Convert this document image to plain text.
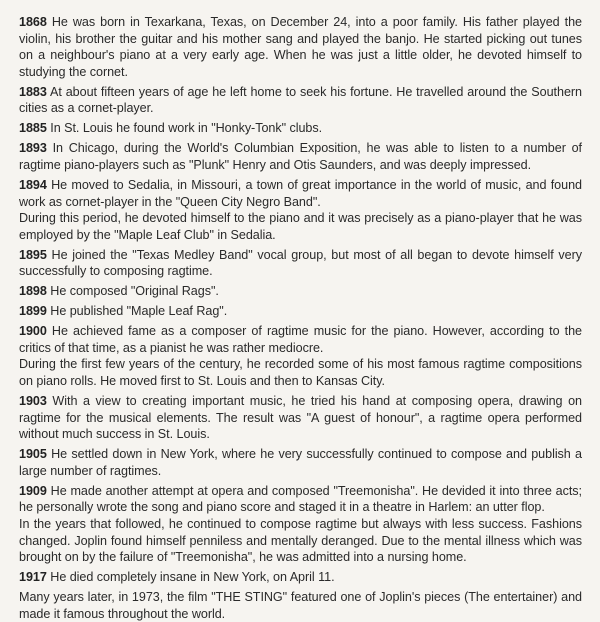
1868 He was born in Texarkana, Texas, on December 24, into a poor family. His father played the violin, his brother the guitar and his mother sang and played the banjo. He started picking out tunes on a neighbour's piano at a very early age. When he was just a little older, he devoted himself to studying the cornet.
1883 At about fifteen years of age he left home to seek his fortune. He travelled around the Southern cities as a cornet-player.
1885 In St. Louis he found work in "Honky-Tonk" clubs.
1893 In Chicago, during the World's Columbian Exposition, he was able to listen to a number of ragtime piano-players such as "Plunk" Henry and Otis Saunders, and was deeply impressed.
1894 He moved to Sedalia, in Missouri, a town of great importance in the world of music, and found work as cornet-player in the "Queen City Negro Band".
During this period, he devoted himself to the piano and it was precisely as a piano-player that he was employed by the "Maple Leaf Club" in Sedalia.
1895 He joined the "Texas Medley Band" vocal group, but most of all began to devote himself very successfully to composing ragtime.
1898 He composed "Original Rags".
1899 He published "Maple Leaf Rag".
1900 He achieved fame as a composer of ragtime music for the piano. However, according to the critics of that time, as a pianist he was rather mediocre.
During the first few years of the century, he recorded some of his most famous ragtime compositions on piano rolls. He moved first to St. Louis and then to Kansas City.
1903 With a view to creating important music, he tried his hand at composing opera, drawing on ragtime for the musical elements. The result was "A guest of honour", a ragtime opera performed without much success in St. Louis.
1905 He settled down in New York, where he very successfully continued to compose and publish a large number of ragtimes.
1909 He made another attempt at opera and composed "Treemonisha". He devided it into three acts; he personally wrote the song and piano score and staged it in a theatre in Harlem: an utter flop.
In the years that followed, he continued to compose ragtime but always with less success. Fashions changed. Joplin found himself penniless and mentally deranged. Due to the mental illness which was brought on by the failure of "Treemonisha", he was admitted into a nursing home.
1917 He died completely insane in New York, on April 11.
Many years later, in 1973, the film "THE STING" featured one of Joplin's pieces (The entertainer) and made it famous throughout the world.
